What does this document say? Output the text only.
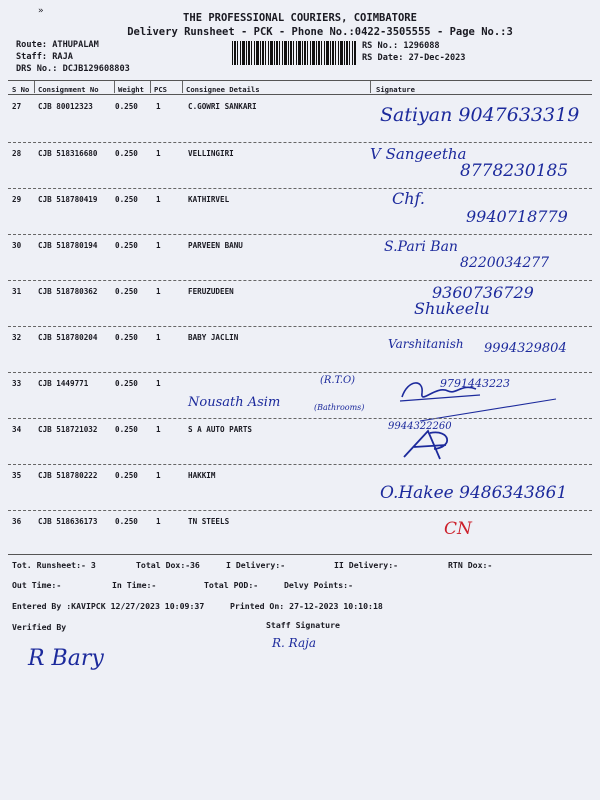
»
THE PROFESSIONAL COURIERS, COIMBATORE
Delivery Runsheet - PCK - Phone No.:0422-3505555 - Page No.:3
Route: ATHUPALAM
Staff: RAJA
DRS No.: DCJB129608803
RS No.: 1296088
RS Date: 27-Dec-2023
S No Consignment No	Weight PCS	Consignee Details	Signature
27 CJB 80012323	0.250 1	C.GOWRI SANKARI	Satiyan 9047633319
28 CJB 518316680 0.250 1	VELLINGIRI	V Sangeetha
8778230185
29 CJB 518780419 0.250 1	KATHIRVEL	Chf.
9940718779
30 CJB 518780194 0.250 1	PARVEEN BANU	S.Pari Ban
8220034277
31 CJB 518780362 0.250 1	FERUZUDEEN	9360736729
Shukeelu
32 CJB 518780204 0.250 1	BABY JACLIN	Varshitanish 9994329804
33 CJB 1449771	0.250 1	(R.T.O)
Nousath Asim	(Bathrooms)
9791443223
34 CJB 518721032 0.250 1	S A AUTO PARTS	9944322260
35 CJB 518780222 0.250 1	HAKKIM
O.Hakee 9486343861
36 CJB 518636173 0.250 1	TN STEELS	CN
Tot. Runsheet:- 3	Total Dox:- 36	I Delivery:-	II Delivery:-	RTN Dox:-
Out Time:-	In Time:-	Total POD:-	Delvy Points:-
Entered By :KAVIPCK 12/27/2023 10:09:37	Printed On: 27-12-2023 10:10:18
Verified By	Staff Signature
R Bary
R. Raja
